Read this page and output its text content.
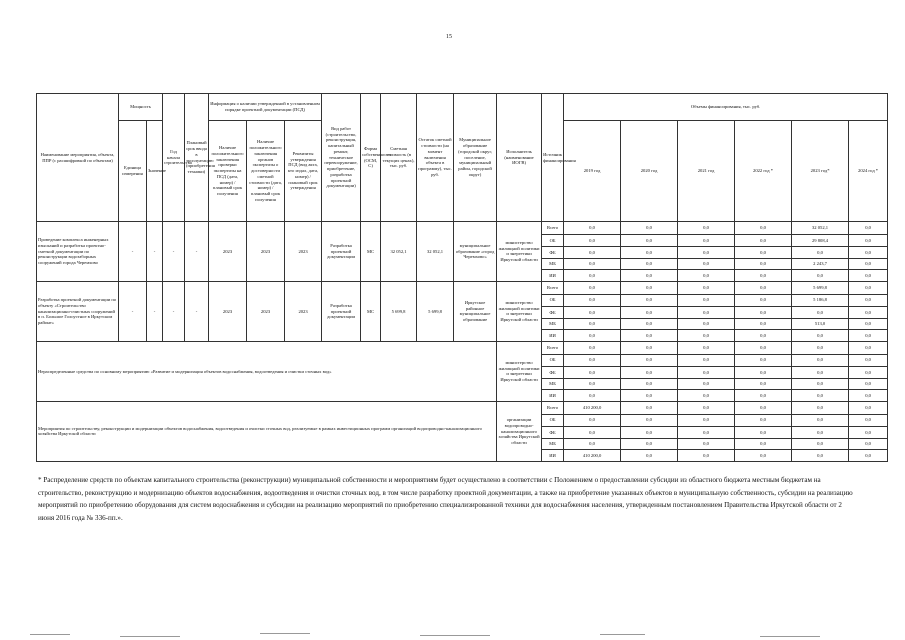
15
Наименование мероприятия, объекта, ППР (с расшифровкой по объектам)	Мощность		Год начала строительства	Плановый срок ввода в эксплуатацию (приобретения техники)	Информация о наличии утвержденной в установленном порядке проектной документации (ПСД)			Вид работ (строительство, реконструкция, капитальный ремонт, техническое перевооружение, приобретение, разработка проектной документации)	Форма собственности (ОСМ, С)	Сметная стоимость (в текущих ценах), тыс. руб.	Остаток сметной стоимости (на момент включения объекта в программу), тыс. руб.	Муниципальное образование (городской округ, поселение, муниципальный район, городской округ)	Исполнитель (наименование ИОГВ)	Источник финансирования	Объемы финансирования, тыс. руб.					
	Единица измерения	Значение			Наличие положительного заключения проверки экспертизы на ПСД (дата, номер) / плановый срок получения	Наличие положительного заключения органов экспертизы о достоверности сметной стоимости (дата, номер) / плановый срок получения	Реквизиты утверждения ПСД (вид акта, кто издал, дата, номер) / плановый срок утверждения								2019 год	2020 год	2021 год	2022 год *	2023 год*	2024 год *

Проведение комплекса инженерных изысканий и разработка проектно-сметной документации по реконструкции водозаборных сооружений города Черемхово	-	-	-	-	2023	2023	2023	Разработка проектной документации	МС	32 052,1	32 052,1	муниципальное образование «город Черемхово»	министерство жилищной политики и энергетики Иркутской области	Всего	0,0	0,0	0,0	0,0	32 052,1	0,0
														ОБ	0,0	0,0	0,0	0,0	29 808,4	0,0
														ФБ	0,0	0,0	0,0	0,0	0,0	0,0
														МБ	0,0	0,0	0,0	0,0	2 243,7	0,0
														ИИ	0,0	0,0	0,0	0,0	0,0	0,0
Разработка проектной документации по объекту «Строительство канализационно-очистных сооружений в п. Большое Голоустное в Иркутском районе»	-	-	-	-	2023	2023	2023	Разработка проектной документации	МС	5 699,8	5 699,8	Иркутское районное муниципальное образование	министерство жилищной политики и энергетики Иркутской области	Всего	0,0	0,0	0,0	0,0	5 699,8	0,0
														ОБ	0,0	0,0	0,0	0,0	5 186,8	0,0
														ФБ	0,0	0,0	0,0	0,0	0,0	0,0
														МБ	0,0	0,0	0,0	0,0	513,0	0,0
														ИИ	0,0	0,0	0,0	0,0	0,0	0,0
Нераспределенные средства по основному мероприятию «Развитие и модернизация объектов водоснабжения, водоотведения и очистки сточных вод»													министерство жилищной политики и энергетики Иркутской области	Всего	0,0	0,0	0,0	0,0	0,0	0,0
														ОБ	0,0	0,0	0,0	0,0	0,0	0,0
														ФБ	0,0	0,0	0,0	0,0	0,0	0,0
														МБ	0,0	0,0	0,0	0,0	0,0	0,0
														ИИ	0,0	0,0	0,0	0,0	0,0	0,0
Мероприятия по строительству, реконструкции и модернизации объектов водоснабжения, водоотведения и очистки сточных вод, реализуемые в рамках инвестиционных программ организаций водопроводно-канализационного хозяйства Иркутской области													организации водопроводно-канализационного хозяйства Иркутской области	Всего	410 200,0	0,0	0,0	0,0	0,0	0,0
														ОБ	0,0	0,0	0,0	0,0	0,0	0,0
														ФБ	0,0	0,0	0,0	0,0	0,0	0,0
														МБ	0,0	0,0	0,0	0,0	0,0	0,0
														ИИ	410 200,0	0,0	0,0	0,0	0,0	0,0
* Распределение средств по объектам капитального строительства (реконструкции) муниципальной собственности и мероприятиям будет осуществлено в соответствии с Положением о предоставлении субсидии из областного бюджета местным бюджетам на строительство, реконструкцию и модернизацию объектов водоснабжения, водоотведения и очистки сточных вод, в том числе разработку проектной документации, а также на приобретение указанных объектов в муниципальную собственность, субсидии на реализацию мероприятий по приобретению оборудования для систем водоснабжения и субсидии на реализацию мероприятий по приобретению специализированной техники для водоснабжения населения, утвержденным постановлением Правительства Иркутской области от 2 июня 2016 года № 336-пп.».
